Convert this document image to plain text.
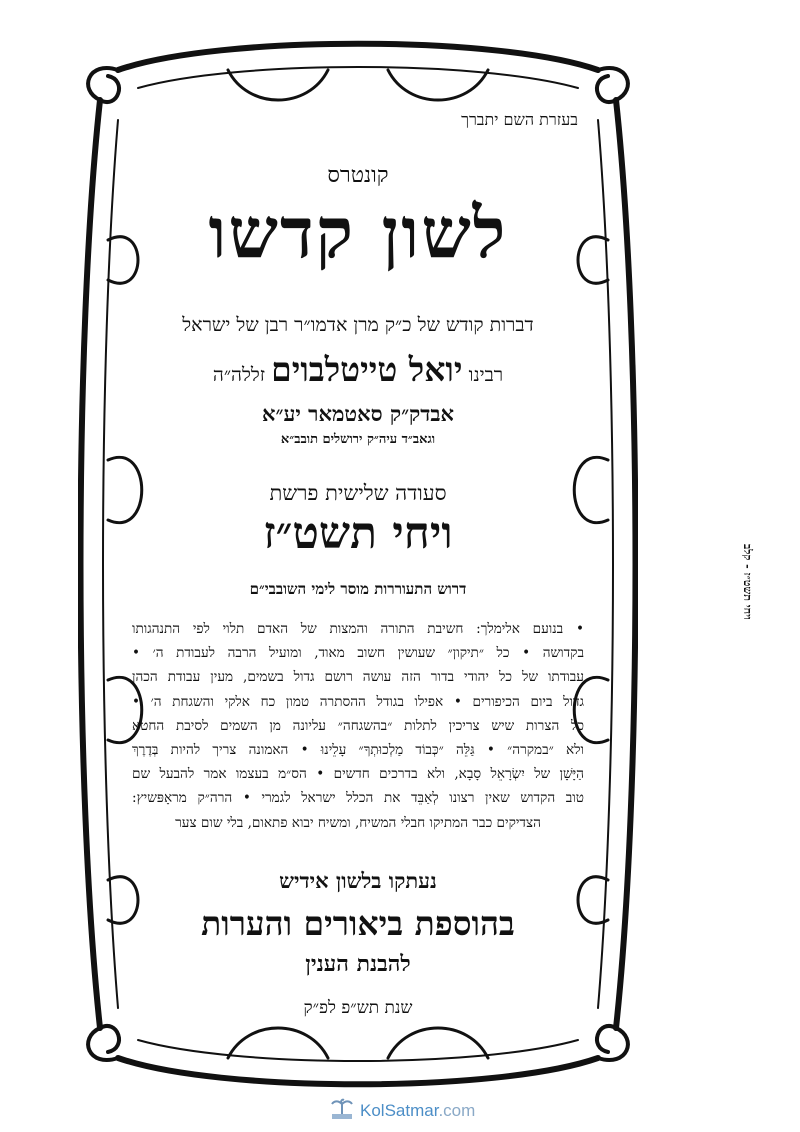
בעזרת השם יתברך
קונטרס
לשון קדשו
דברות קודש של כ״ק מרן אדמו״ר רבן של ישראל
רבינו יואל טייטלבוים זללה״ה
אבדק״ק סאטמאר יע״א
וגאב״ד עיה״ק ירושלים תובב״א
סעודה שלישית פרשת
ויחי תשט״ז
דרוש התעוררות מוסר לימי השובבי״ם
• בנועם אלימלך: חשיבת התורה והמצות של האדם תלוי לפי התנהגותו
בקדושה • כל ״תיקון״ שעושין חשוב מאוד, ומועיל הרבה לעבודת ה׳ •
עבודתו של כל יהודי בדור הזה עושה רושם גדול בשמים, מעין עבודת הכהן
גדול ביום הכיפורים • אפילו בגודל ההסתרה טמון כח אלקי והשגחת ה׳ •
כל הצרות שיש צריכין לתלות ״בהשגחה״ עליונה מן השמים לסיבת החטא
ולא ״במקרה״ • גַּלֵּה ״כְּבוֹד מַלְכוּתְךָ״ עָלֵינוּ • האמונה צריך להיות בְּדֶרֶךְ
הַיָּשָׁן של יִשְׂרָאֵל סָבָא, ולא בדרכים חדשים • הס״מ בעצמו אמר להבעל שם
טוב הקדוש שאין רצונו לְאַבֵּד את הכלל ישראל לגמרי • הרה״ק מראָפּשיץ:
הצדיקים כבר המתיקו חבלי המשיח, ומשיח יבוא פתאום, בלי שום צער
נעתקו בלשון אידיש
בהוספת ביאורים והערות
להבנת הענין
שנת תש״פ לפ״ק
ויחי תשט״ז - קלב
KolSatmar.com
